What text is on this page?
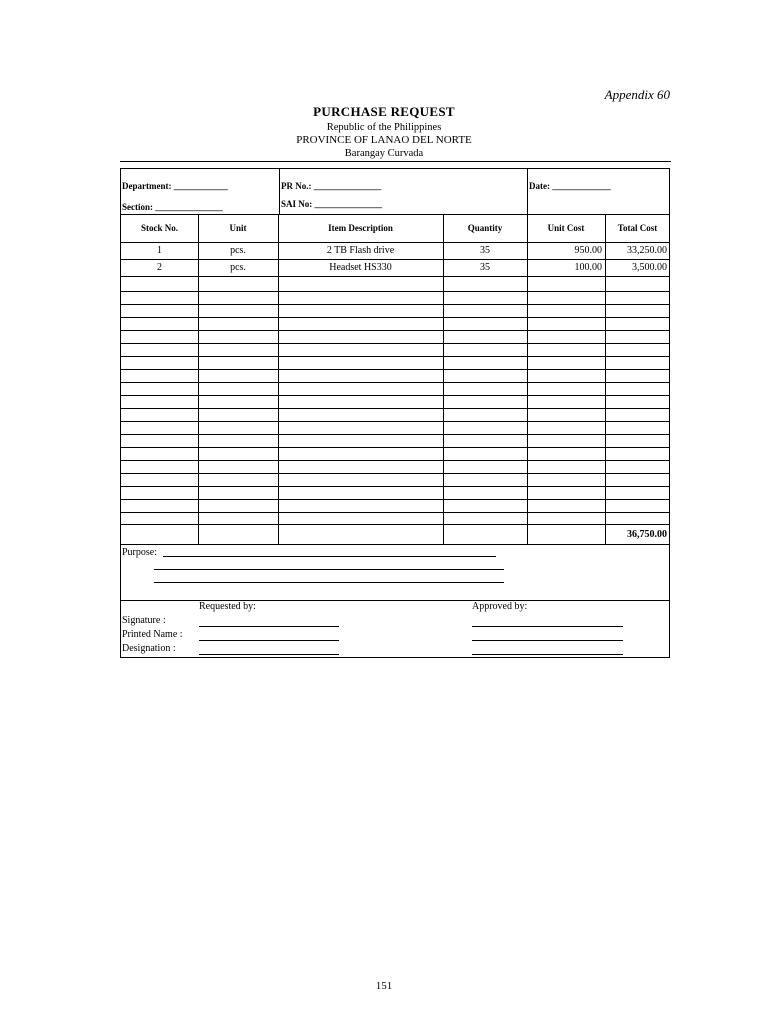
Appendix 60
PURCHASE REQUEST
Republic of the Philippines
PROVINCE OF LANAO DEL NORTE
Barangay Curvada
Department: ____________
Section: _______________
PR No.: _______________
SAI No: _______________
Date: _____________
Stock No.	Unit	Item Description	Quantity	Unit Cost	Total Cost
1	pcs.	2 TB Flash drive	35	950.00	33,250.00
2	pcs.	Headset HS330	35	100.00	3,500.00
36,750.00
Purpose:
Requested by:	Approved by:
Signature :
Printed Name :
Designation :
151
